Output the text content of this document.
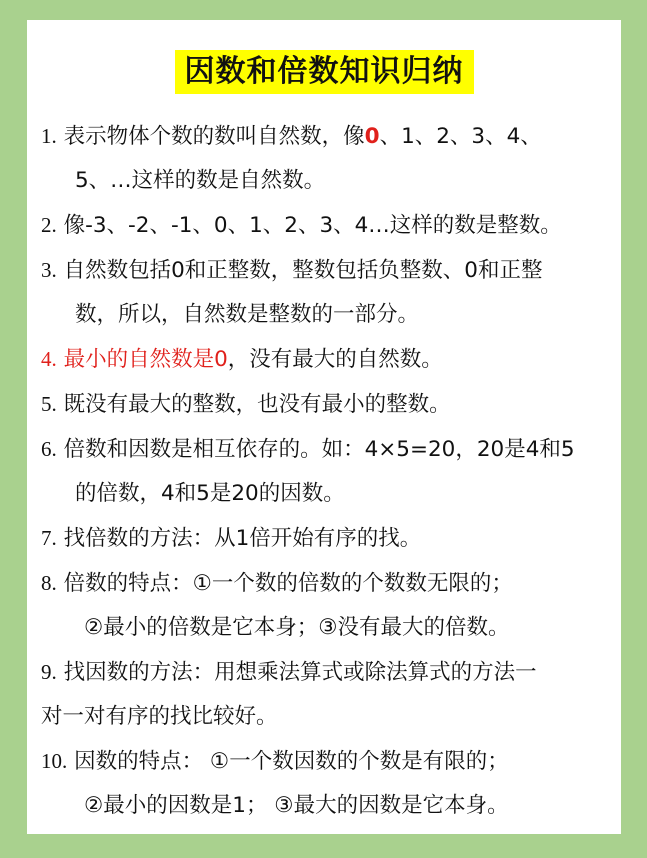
因数和倍数知识归纳
1. 表示物体个数的数叫自然数，像0、1、2、3、4、
5、…这样的数是自然数。
2. 像-3、-2、-1、0、1、2、3、4…这样的数是整数。
3. 自然数包括0和正整数，整数包括负整数、0和正整
数，所以，自然数是整数的一部分。
4. 最小的自然数是0，没有最大的自然数。
5. 既没有最大的整数，也没有最小的整数。
6. 倍数和因数是相互依存的。如：4×5=20，20是4和5
的倍数，4和5是20的因数。
7. 找倍数的方法：从1倍开始有序的找。
8. 倍数的特点：①一个数的倍数的个数数无限的；
②最小的倍数是它本身；③没有最大的倍数。
9. 找因数的方法：用想乘法算式或除法算式的方法一
对一对有序的找比较好。
10. 因数的特点： ①一个数因数的个数是有限的；
②最小的因数是1； ③最大的因数是它本身。
